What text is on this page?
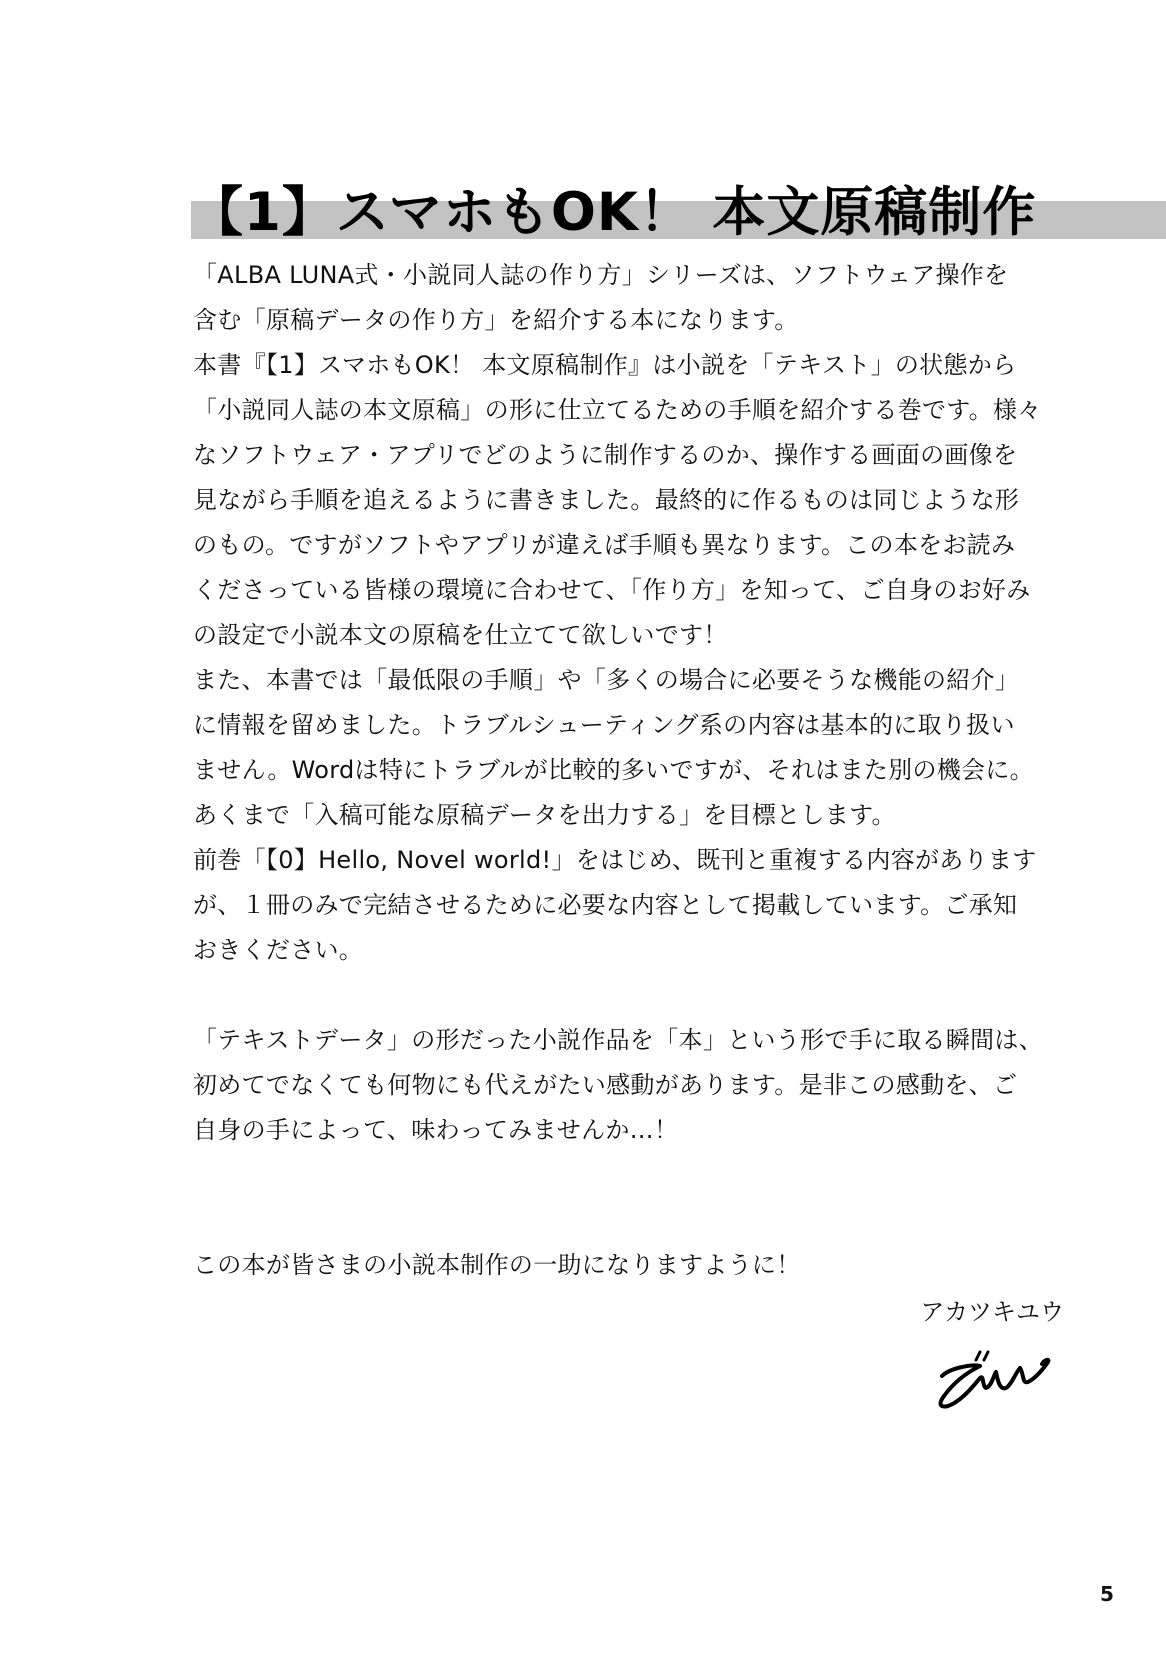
【1】スマホもOK！ 本文原稿制作
「ALBA LUNA式・小説同人誌の作り方」シリーズは、ソフトウェア操作を
含む「原稿データの作り方」を紹介する本になります。
本書『【1】スマホもOK！ 本文原稿制作』は小説を「テキスト」の状態から
「小説同人誌の本文原稿」の形に仕立てるための手順を紹介する巻です。様々
なソフトウェア・アプリでどのように制作するのか、操作する画面の画像を
見ながら手順を追えるように書きました。最終的に作るものは同じような形
のもの。ですがソフトやアプリが違えば手順も異なります。この本をお読み
くださっている皆様の環境に合わせて、「作り方」を知って、ご自身のお好み
の設定で小説本文の原稿を仕立てて欲しいです！
また、本書では「最低限の手順」や「多くの場合に必要そうな機能の紹介」
に情報を留めました。トラブルシューティング系の内容は基本的に取り扱い
ません。Wordは特にトラブルが比較的多いですが、それはまた別の機会に。
あくまで「入稿可能な原稿データを出力する」を目標とします。
前巻「【0】Hello, Novel world!」をはじめ、既刊と重複する内容があります
が、１冊のみで完結させるために必要な内容として掲載しています。ご承知
おきください。
「テキストデータ」の形だった小説作品を「本」という形で手に取る瞬間は、
初めてでなくても何物にも代えがたい感動があります。是非この感動を、ご
自身の手によって、味わってみませんか…！
この本が皆さまの小説本制作の一助になりますように！
アカツキユウ
5
